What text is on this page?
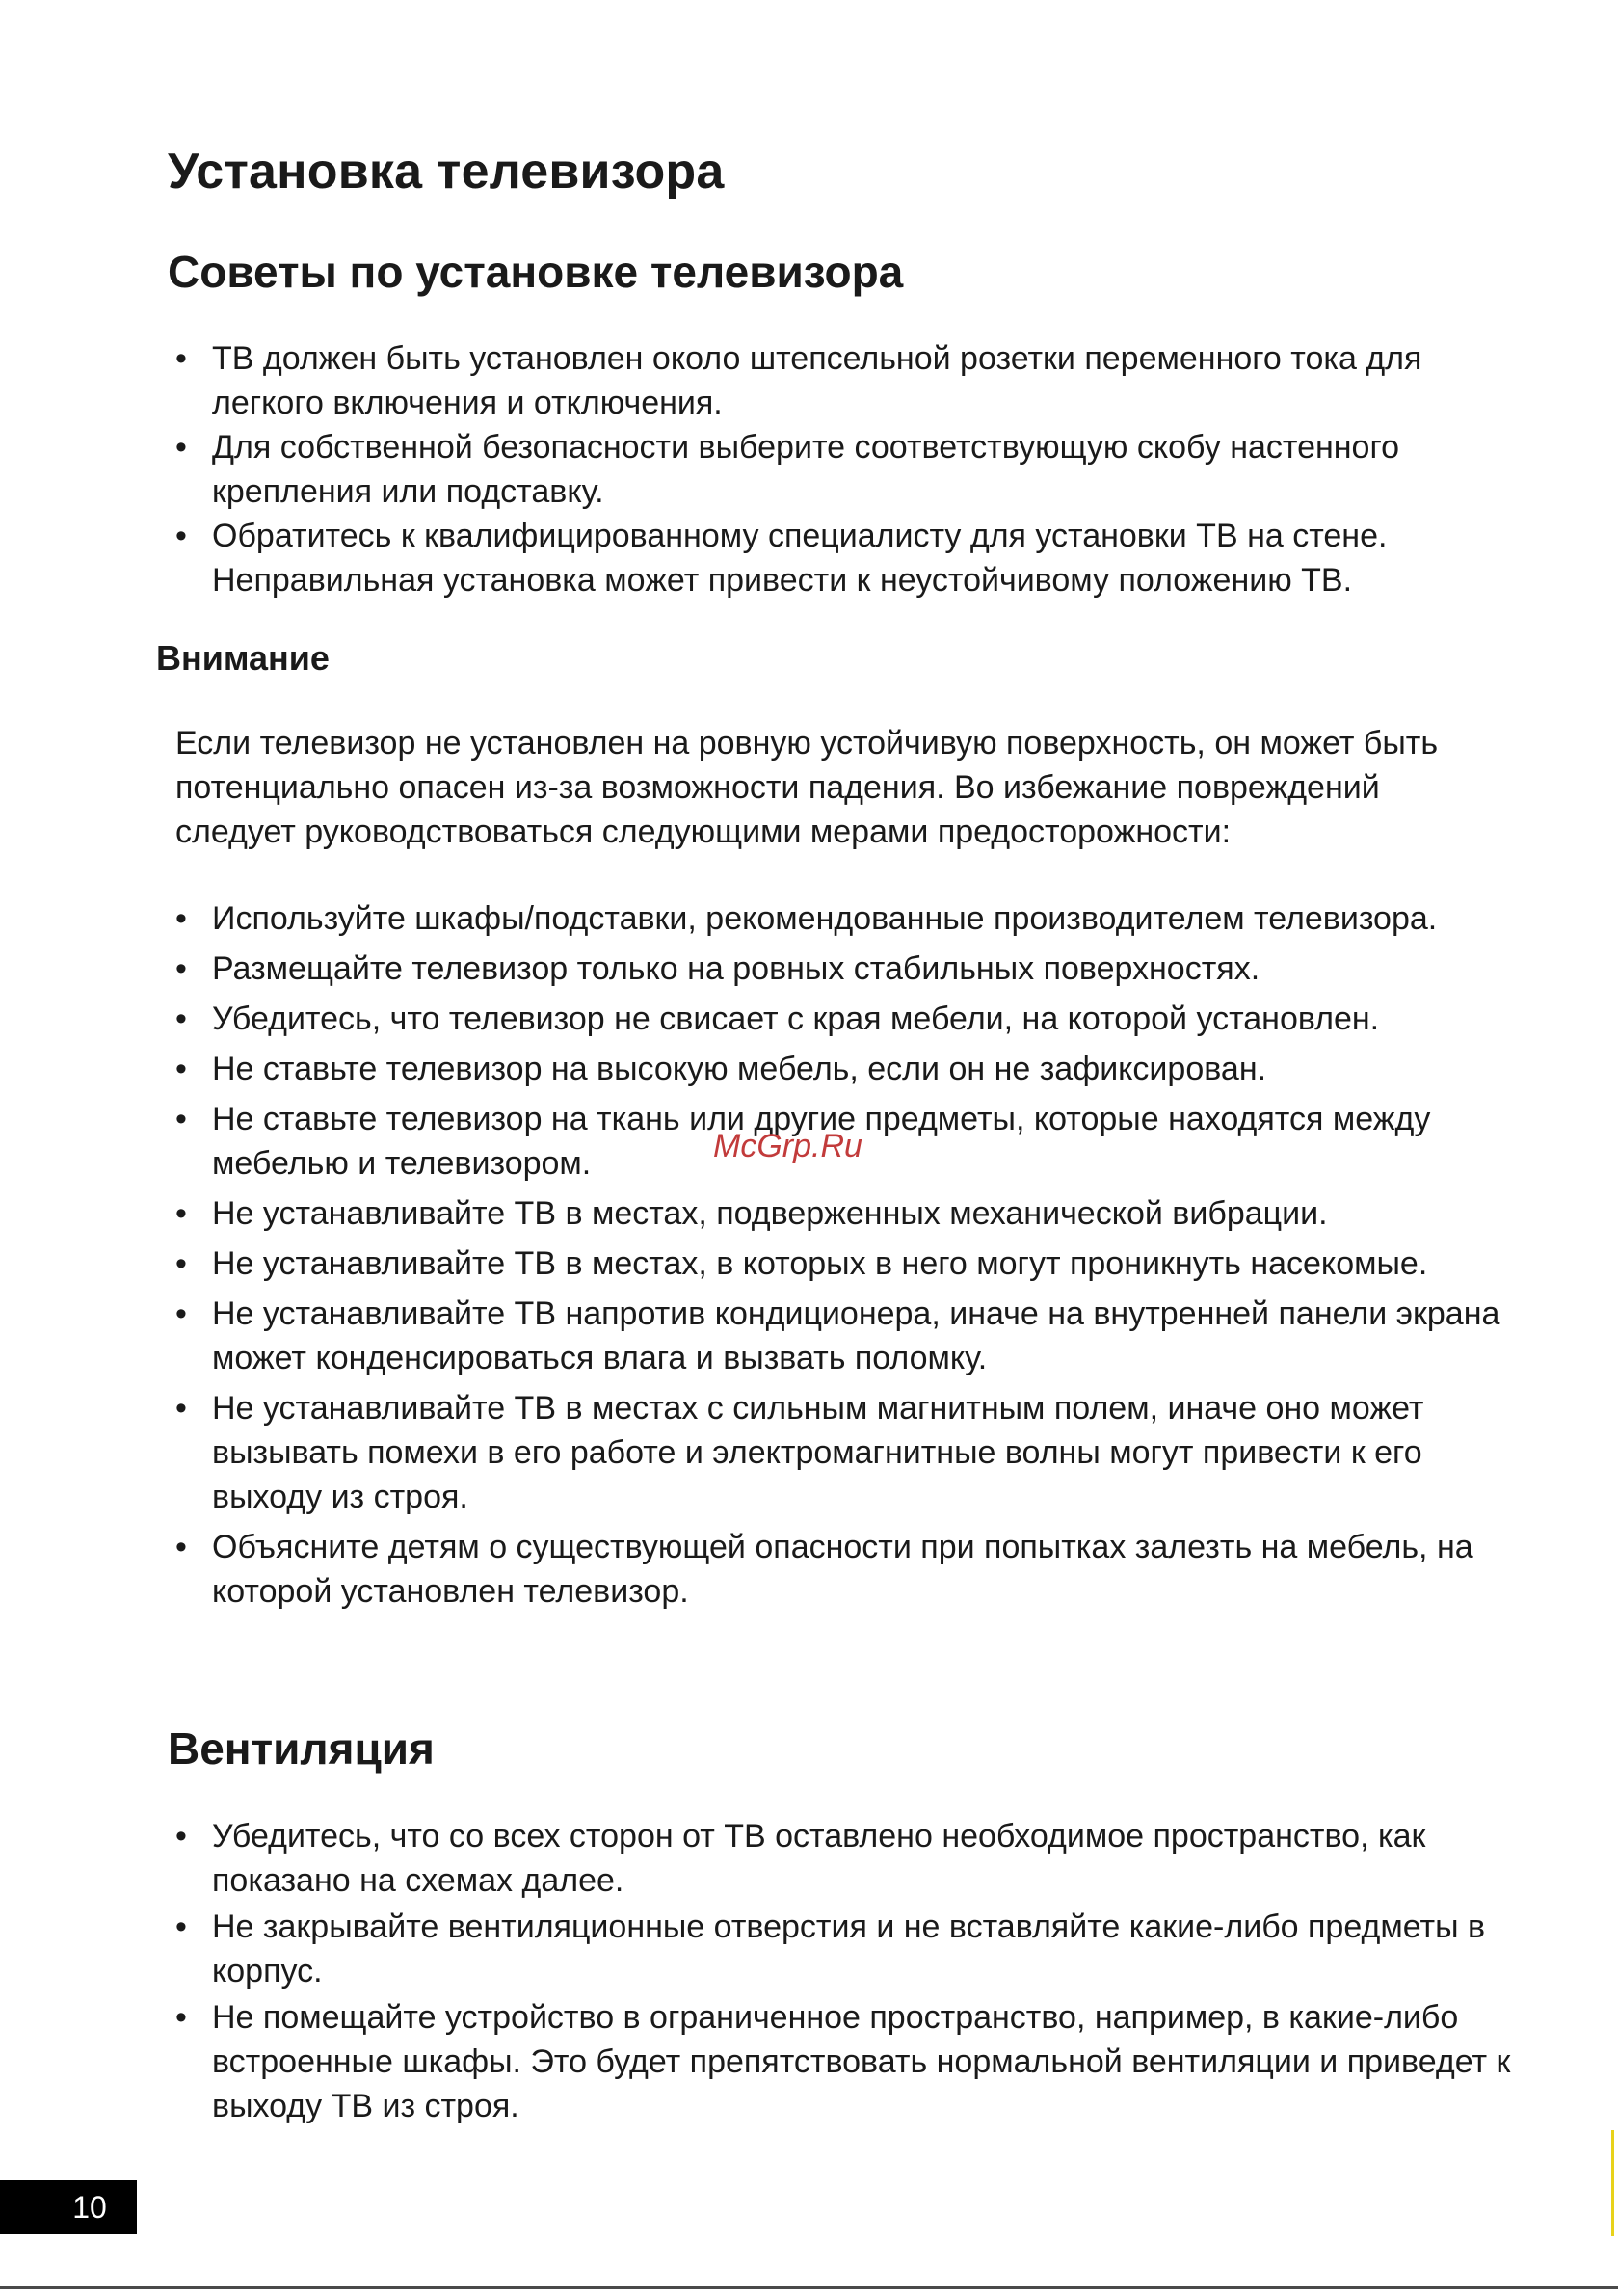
Установка телевизора
Советы по установке телевизора
• ТВ должен быть установлен около штепсельной розетки переменного тока для легкого включения и отключения.
• Для собственной безопасности выберите соответствующую скобу настенного крепления или подставку.
• Обратитесь к квалифицированному специалисту для установки ТВ на стене. Неправильная установка может привести к неустойчивому положению ТВ.
Внимание

Если телевизор не установлен на ровную устойчивую поверхность, он может быть потенциально опасен из-за возможности падения. Во избежание повреждений следует руководствоваться следующими мерами предосторожности:

• Используйте шкафы/подставки, рекомендованные производителем телевизора.
• Размещайте телевизор только на ровных стабильных поверхностях.
• Убедитесь, что телевизор не свисает с края мебели, на которой установлен.
• Не ставьте телевизор на высокую мебель, если он не зафиксирован.
• Не ставьте телевизор на ткань или другие предметы, которые находятся между мебелью и телевизором.
• Не устанавливайте ТВ в местах, подверженных механической вибрации.
• Не устанавливайте ТВ в местах, в которых в него могут проникнуть насекомые.
• Не устанавливайте ТВ напротив кондиционера, иначе на внутренней панели экрана может конденсироваться влага и вызвать поломку.
• Не устанавливайте ТВ в местах с сильным магнитным полем, иначе оно может вызывать помехи в его работе и электромагнитные волны могут привести к его выходу из строя.
• Объясните детям о существующей опасности при попытках залезть на мебель, на которой установлен телевизор.
McGrp.Ru
Вентиляция
• Убедитесь, что со всех сторон от ТВ оставлено необходимое пространство, как показано на схемах далее.
• Не закрывайте вентиляционные отверстия и не вставляйте какие-либо предметы в корпус.
• Не помещайте устройство в ограниченное пространство, например, в какие-либо встроенные шкафы. Это будет препятствовать нормальной вентиляции и приведет к выходу ТВ из строя.
10
